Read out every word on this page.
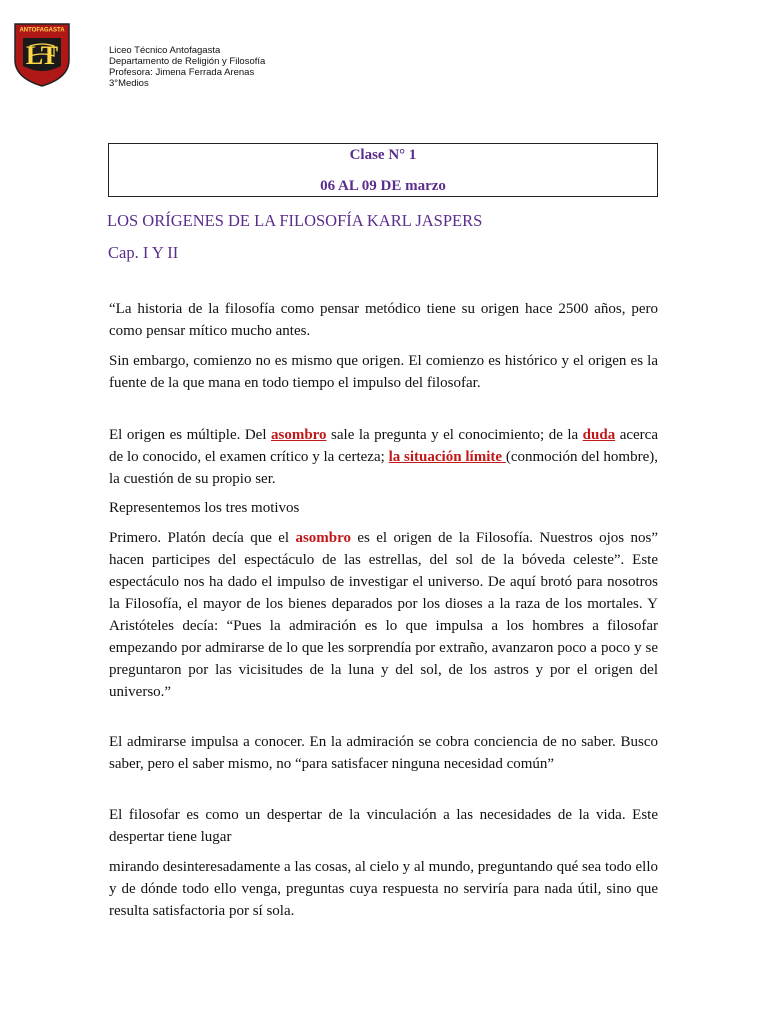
ANTOFAGASTA
LT	Liceo Técnico Antofagasta
Departamento de Religión y Filosofía
Profesora: Jimena Ferrada Arenas
3°Medios
Clase N° 1
06 AL 09 DE marzo
LOS ORÍGENES DE LA FILOSOFÍA KARL JASPERS
Cap. I Y II

“La historia de la filosofía como pensar metódico tiene su origen hace 2500 años, pero como pensar mítico mucho antes.

Sin embargo, comienzo no es mismo que origen. El comienzo es histórico y el origen es la fuente de la que mana en todo tiempo el impulso del filosofar.

El origen es múltiple. Del asombro sale la pregunta y el conocimiento; de la duda acerca de lo conocido, el examen crítico y la certeza; la situación límite (conmoción del hombre), la cuestión de su propio ser.

Representemos los tres motivos

Primero. Platón decía que el asombro es el origen de la Filosofía. Nuestros ojos nos” hacen participes del espectáculo de las estrellas, del sol de la bóveda celeste”. Este espectáculo nos ha dado el impulso de investigar el universo. De aquí brotó para nosotros la Filosofía, el mayor de los bienes deparados por los dioses a la raza de los mortales. Y Aristóteles decía: “Pues la admiración es lo que impulsa a los hombres a filosofar empezando por admirarse de lo que les sorprendía por extraño, avanzaron poco a poco y se preguntaron por las vicisitudes de la luna y del sol, de los astros y por el origen del universo.”

El admirarse impulsa a conocer. En la admiración se cobra conciencia de no saber. Busco saber, pero el saber mismo, no “para satisfacer ninguna necesidad común”

El filosofar es como un despertar de la vinculación a las necesidades de la vida. Este despertar tiene lugar

mirando desinteresadamente a las cosas, al cielo y al mundo, preguntando qué sea todo ello y de dónde todo ello venga, preguntas cuya respuesta no serviría para nada útil, sino que resulta satisfactoria por sí sola.
